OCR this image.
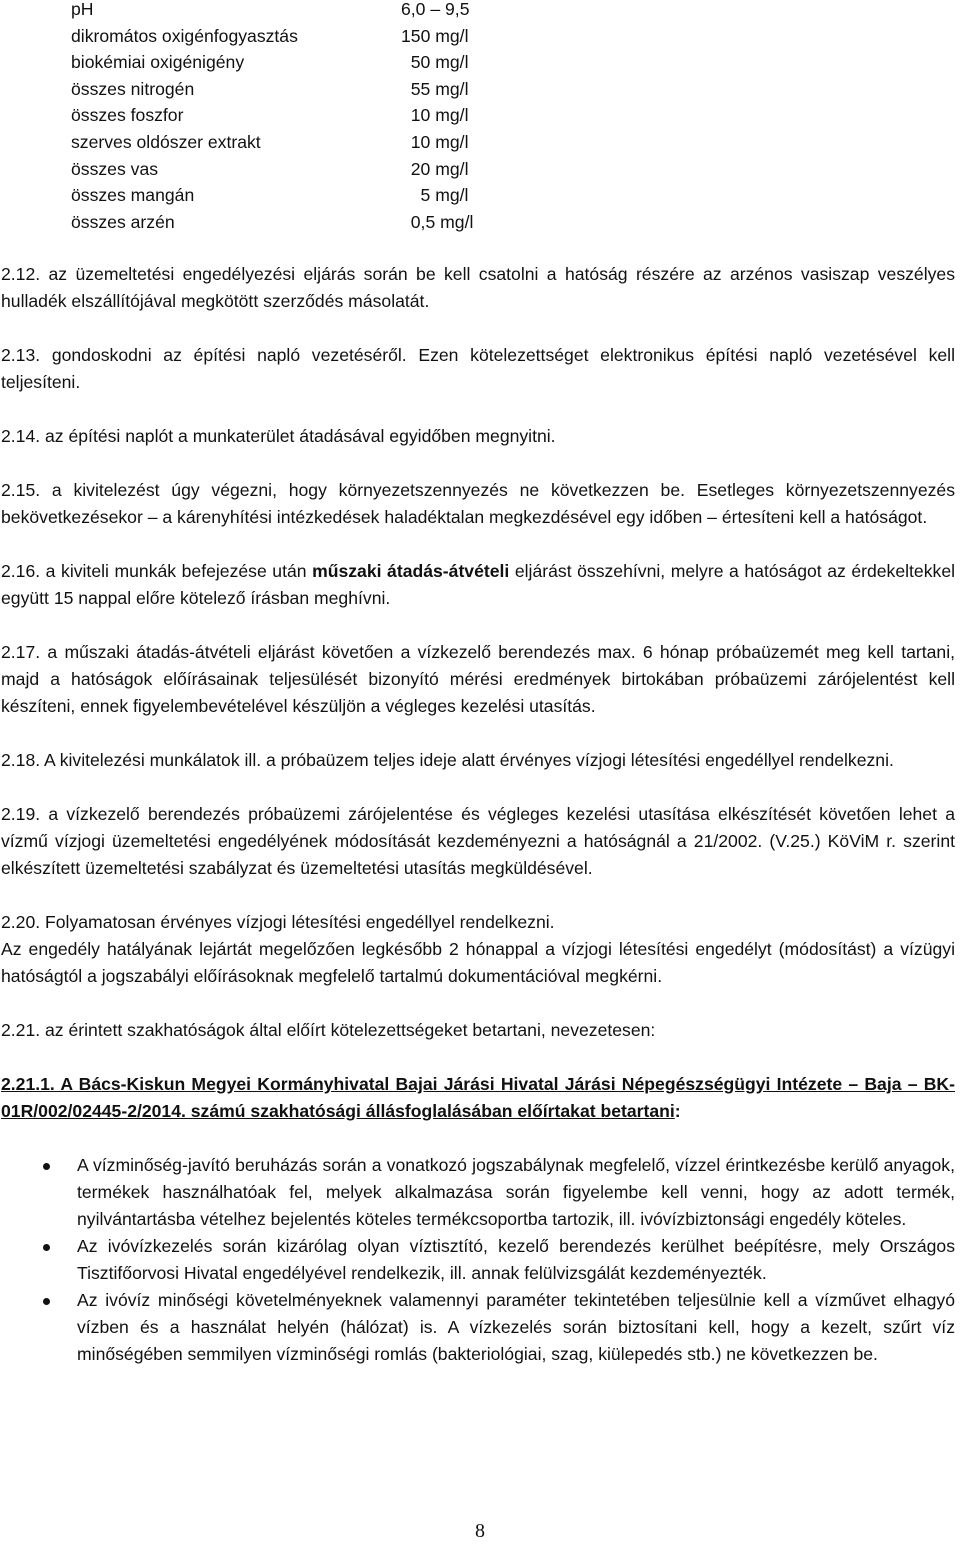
pH	6,0 – 9,5
dikromátos oxigénfogyasztás	150 mg/l
biokémiai oxigénigény	50 mg/l
összes nitrogén	55 mg/l
összes foszfor	10 mg/l
szerves oldószer extrakt	10 mg/l
összes vas	20 mg/l
összes mangán	5 mg/l
összes arzén	0,5 mg/l

2.12. az üzemeltetési engedélyezési eljárás során be kell csatolni a hatóság részére az arzénos vasiszap veszélyes hulladék elszállítójával megkötött szerződés másolatát.

2.13. gondoskodni az építési napló vezetéséről. Ezen kötelezettséget elektronikus építési napló vezetésével kell teljesíteni.

2.14. az építési naplót a munkaterület átadásával egyidőben megnyitni.

2.15. a kivitelezést úgy végezni, hogy környezetszennyezés ne következzen be. Esetleges környezetszennyezés bekövetkezésekor – a kárenyhítési intézkedések haladéktalan megkezdésével egy időben – értesíteni kell a hatóságot.

2.16. a kiviteli munkák befejezése után műszaki átadás-átvételi eljárást összehívni, melyre a hatóságot az érdekeltekkel együtt 15 nappal előre kötelező írásban meghívni.

2.17. a műszaki átadás-átvételi eljárást követően a vízkezelő berendezés max. 6 hónap próbaüzemét meg kell tartani, majd a hatóságok előírásainak teljesülését bizonyító mérési eredmények birtokában próbaüzemi zárójelentést kell készíteni, ennek figyelembevételével készüljön a végleges kezelési utasítás.

2.18. A kivitelezési munkálatok ill. a próbaüzem teljes ideje alatt érvényes vízjogi létesítési engedéllyel rendelkezni.

2.19. a vízkezelő berendezés próbaüzemi zárójelentése és végleges kezelési utasítása elkészítését követően lehet a vízmű vízjogi üzemeltetési engedélyének módosítását kezdeményezni a hatóságnál a 21/2002. (V.25.) KöViM r. szerint elkészített üzemeltetési szabályzat és üzemeltetési utasítás megküldésével.

2.20. Folyamatosan érvényes vízjogi létesítési engedéllyel rendelkezni.

Az engedély hatályának lejártát megelőzően legkésőbb 2 hónappal a vízjogi létesítési engedélyt (módosítást) a vízügyi hatóságtól a jogszabályi előírásoknak megfelelő tartalmú dokumentációval megkérni.

2.21. az érintett szakhatóságok által előírt kötelezettségeket betartani, nevezetesen:

2.21.1. A Bács-Kiskun Megyei Kormányhivatal Bajai Járási Hivatal Járási Népegészségügyi Intézete – Baja – BK-01R/002/02445-2/2014. számú szakhatósági állásfoglalásában előírtakat betartani:

A vízminőség-javító beruházás során a vonatkozó jogszabálynak megfelelő, vízzel érintkezésbe kerülő anyagok, termékek használhatóak fel, melyek alkalmazása során figyelembe kell venni, hogy az adott termék, nyilvántartásba vételhez bejelentés köteles termékcsoportba tartozik, ill. ivóvízbiztonsági engedély köteles.
Az ivóvízkezelés során kizárólag olyan víztisztító, kezelő berendezés kerülhet beépítésre, mely Országos Tisztifőorvosi Hivatal engedélyével rendelkezik, ill. annak felülvizsgálát kezdeményezték.
Az ivóvíz minőségi követelményeknek valamennyi paraméter tekintetében teljesülnie kell a vízművet elhagyó vízben és a használat helyén (hálózat) is. A vízkezelés során biztosítani kell, hogy a kezelt, szűrt víz minőségében semmilyen vízminőségi romlás (bakteriológiai, szag, kiülepedés stb.) ne következzen be.
8
